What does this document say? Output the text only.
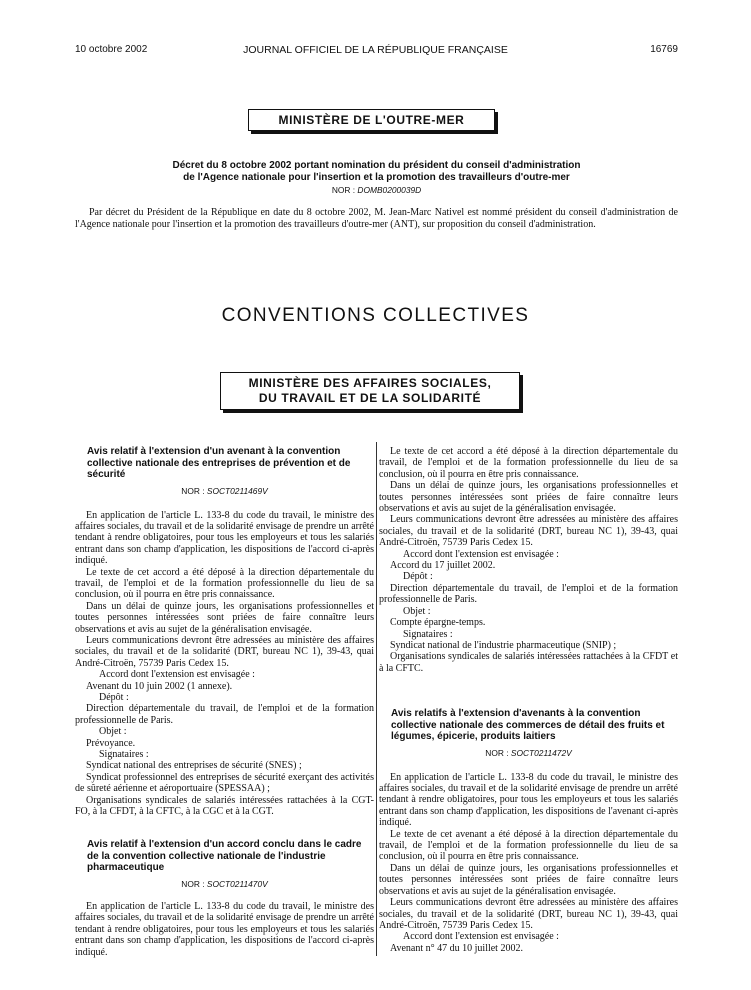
10 octobre 2002	JOURNAL OFFICIEL DE LA RÉPUBLIQUE FRANÇAISE	16769
MINISTÈRE DE L'OUTRE-MER
Décret du 8 octobre 2002 portant nomination du président du conseil d'administration
de l'Agence nationale pour l'insertion et la promotion des travailleurs d'outre-mer
NOR : DOMB0200039D

Par décret du Président de la République en date du 8 octobre 2002, M. Jean-Marc Nativel est nommé président du conseil d'administration de l'Agence nationale pour l'insertion et la promotion des travailleurs d'outre-mer (ANT), sur proposition du conseil d'administration.

CONVENTIONS COLLECTIVES
MINISTÈRE DES AFFAIRES SOCIALES,
DU TRAVAIL ET DE LA SOLIDARITÉ
Avis relatif à l'extension d'un avenant à la convention collective nationale des entreprises de prévention et de sécurité
NOR : SOCT0211469V

En application de l'article L. 133-8 du code du travail, le ministre des affaires sociales, du travail et de la solidarité envisage de prendre un arrêté tendant à rendre obligatoires, pour tous les employeurs et tous les salariés entrant dans son champ d'application, les dispositions de l'accord ci-après indiqué.

Le texte de cet accord a été déposé à la direction départementale du travail, de l'emploi et de la formation professionnelle du lieu de sa conclusion, où il pourra en être pris connaissance.

Dans un délai de quinze jours, les organisations professionnelles et toutes personnes intéressées sont priées de faire connaître leurs observations et avis au sujet de la généralisation envisagée.

Leurs communications devront être adressées au ministère des affaires sociales, du travail et de la solidarité (DRT, bureau NC 1), 39-43, quai André-Citroën, 75739 Paris Cedex 15.

Accord dont l'extension est envisagée :

Avenant du 10 juin 2002 (1 annexe).

Dépôt :

Direction départementale du travail, de l'emploi et de la formation professionnelle de Paris.

Objet :

Prévoyance.

Signataires :

Syndicat national des entreprises de sécurité (SNES) ;

Syndicat professionnel des entreprises de sécurité exerçant des activités de sûreté aérienne et aéroportuaire (SPESSAA) ;

Organisations syndicales de salariés intéressées rattachées à la CGT-FO, à la CFDT, à la CFTC, à la CGC et à la CGT.

Avis relatif à l'extension d'un accord conclu dans le cadre de la convention collective nationale de l'industrie pharmaceutique
NOR : SOCT0211470V

En application de l'article L. 133-8 du code du travail, le ministre des affaires sociales, du travail et de la solidarité envisage de prendre un arrêté tendant à rendre obligatoires, pour tous les employeurs et tous les salariés entrant dans son champ d'application, les dispositions de l'accord ci-après indiqué.

Le texte de cet accord a été déposé à la direction départementale du travail, de l'emploi et de la formation professionnelle du lieu de sa conclusion, où il pourra en être pris connaissance.

Dans un délai de quinze jours, les organisations professionnelles et toutes personnes intéressées sont priées de faire connaître leurs observations et avis au sujet de la généralisation envisagée.

Leurs communications devront être adressées au ministère des affaires sociales, du travail et de la solidarité (DRT, bureau NC 1), 39-43, quai André-Citroën, 75739 Paris Cedex 15.

Accord dont l'extension est envisagée :

Accord du 17 juillet 2002.

Dépôt :

Direction départementale du travail, de l'emploi et de la formation professionnelle de Paris.

Objet :

Compte épargne-temps.

Signataires :

Syndicat national de l'industrie pharmaceutique (SNIP) ;

Organisations syndicales de salariés intéressées rattachées à la CFDT et à la CFTC.

Avis relatifs à l'extension d'avenants à la convention collective nationale des commerces de détail des fruits et légumes, épicerie, produits laitiers
NOR : SOCT0211472V

En application de l'article L. 133-8 du code du travail, le ministre des affaires sociales, du travail et de la solidarité envisage de prendre un arrêté tendant à rendre obligatoires, pour tous les employeurs et tous les salariés entrant dans son champ d'application, les dispositions de l'avenant ci-après indiqué.

Le texte de cet avenant a été déposé à la direction départementale du travail, de l'emploi et de la formation professionnelle du lieu de sa conclusion, où il pourra en être pris connaissance.

Dans un délai de quinze jours, les organisations professionnelles et toutes personnes intéressées sont priées de faire connaître leurs observations et avis au sujet de la généralisation envisagée.

Leurs communications devront être adressées au ministère des affaires sociales, du travail et de la solidarité (DRT, bureau NC 1), 39-43, quai André-Citroën, 75739 Paris Cedex 15.

Accord dont l'extension est envisagée :

Avenant n° 47 du 10 juillet 2002.
